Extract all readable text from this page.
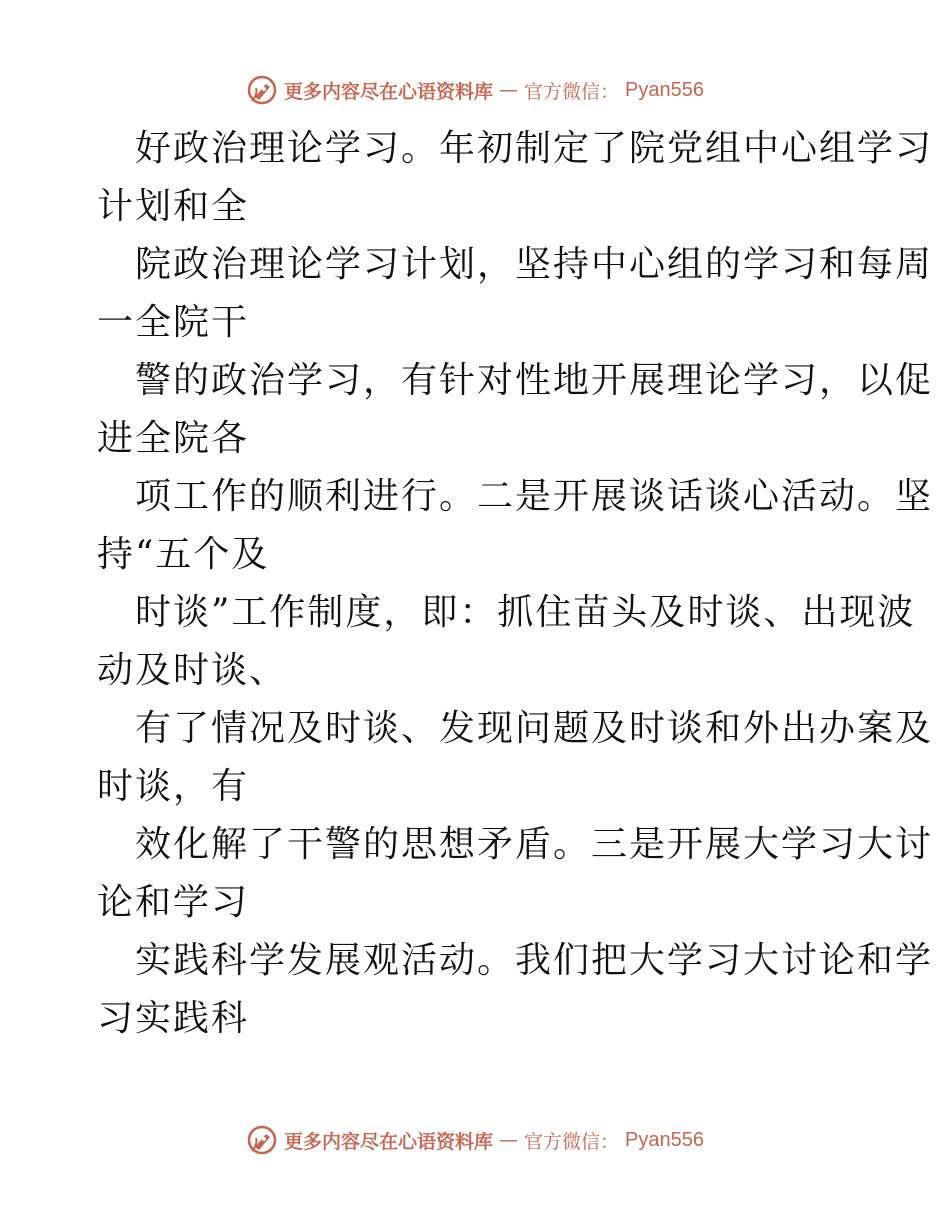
更多内容尽在心语资料库 — 官方微信： Pyan556
好政治理论学习。年初制定了院党组中心组学习
计划和全
院政治理论学习计划，坚持中心组的学习和每周
一全院干
警的政治学习，有针对性地开展理论学习，以促
进全院各
项工作的顺利进行。二是开展谈话谈心活动。坚
持“五个及
时谈”工作制度，即：抓住苗头及时谈、出现波
动及时谈、
有了情况及时谈、发现问题及时谈和外出办案及
时谈，有
效化解了干警的思想矛盾。三是开展大学习大讨
论和学习
实践科学发展观活动。我们把大学习大讨论和学
习实践科
更多内容尽在心语资料库 — 官方微信： Pyan556
